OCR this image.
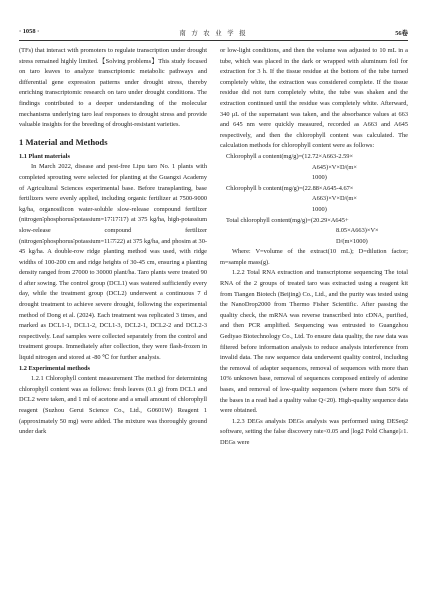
· 1058 ·	南 方 农 业 学 报	56卷

(TFs) that interact with promoters to regulate transcription under drought stress remained highly limited.【Solving problems】This study focused on taro leaves to analyze transcriptomic metabolic pathways and differential gene expression patterns under drought stress, thereby enriching transcriptomic research on taro under drought conditions. The findings contributed to a deeper understanding of the molecular mechanisms underlying taro leaf responses to drought stress and provide valuable insights for the breeding of drought-resistant varieties.

1 Material and Methods

1.1 Plant materials

In March 2022, disease and pest-free Lipu taro No. 1 plants with completed sprouting were selected for planting at the Guangxi Academy of Agricultural Sciences experimental base. Before transplanting, base fertilizers were evenly applied, including organic fertilizer at 7500-9000 kg/ha, organosilicon water-soluble slow-release compound fertilizer (nitrogen∶phosphorus∶potassium=17∶17∶17) at 375 kg/ha, high-potassium slow-release compound fertilizer (nitrogen∶phosphorus∶potassium=11∶7∶22) at 375 kg/ha, and phosim at 30-45 kg/ha. A double-row ridge planting method was used, with ridge widths of 100-200 cm and ridge heights of 30-45 cm, ensuring a planting density ranged from 27000 to 30000 plant/ha. Taro plants were treated 90 d after sowing. The control group (DCL1) was watered sufficiently every day, while the treatment group (DCL2) underwent a continuous 7 d drought treatment to achieve severe drought, following the experimental method of Dong et al. (2024). Each treatment was replicated 3 times, and marked as DCL1-1, DCL1-2, DCL1-3, DCL2-1, DCL2-2 and DCL2-3 respectively. Leaf samples were collected separately from the control and treatment groups. Immediately after collection, they were flash-frozen in liquid nitrogen and stored at -80 ℃ for further analysis.

1.2 Experimental methods

1.2.1 Chlorophyll content measurement The method for determining chlorophyll content was as follows: fresh leaves (0.1 g) from DCL1 and DCL2 were taken, and 1 ml of acetone and a small amount of chlorophyll reagent (Suzhou Gerui Science Co., Ltd., G0601W) Reagent 1 (approximately 50 mg) were added. The mixture was thoroughly ground under dark

or low-light conditions, and then the volume was adjusted to 10 mL in a tube, which was placed in the dark or wrapped with aluminum foil for extraction for 3 h. If the tissue residue at the bottom of the tube turned completely white, the extraction was considered complete. If the tissue residue did not turn completely white, the tube was shaken and the extraction continued until the residue was completely white. Afterward, 340 μL of the supernatant was taken, and the absorbance values at 663 and 645 nm were quickly measured, recorded as A663 and A645 respectively, and then the chlorophyll content was calculated. The calculation methods for chlorophyll content were as follows:

Chlorophyll a content(mg/g)=(12.72×A663-2.59×
A645)×V×D/(m×
1000)

Chlorophyll b content(mg/g)=(22.88×A645-4.67×
A663)×V×D/(m×
1000)

Total chlorophyll content(mg/g)=(20.29×A645+
8.05×A663)×V×
D/(m×1000)

Where: V=volume of the extract(10 mL); D=dilution factor; m=sample mass(g).

1.2.2 Total RNA extraction and transcriptome sequencing The total RNA of the 2 groups of treated taro was extracted using a reagent kit from Tiangen Biotech (Beijing) Co., Ltd., and the purity was tested using the NanoDrop2000 from Thermo Fisher Scientific. After passing the quality check, the mRNA was reverse transcribed into cDNA, purified, and then PCR amplified. Sequencing was entrusted to Guangzhou Gediyao Biotechnology Co., Ltd. To ensure data quality, the raw data was filtered before information analysis to reduce analysis interference from invalid data. The raw sequence data underwent quality control, including the removal of adapter sequences, removal of sequences with more than 10% unknown base, removal of sequences composed entirely of adenine bases, and removal of low-quality sequences (where more than 50% of the bases in a read had a quality value Q<20). High-quality sequence data were obtained.

1.2.3 DEGs analysis DEGs analysis was performed using DESeq2 software, setting the false discovery rate<0.05 and |log2 Fold Change|≥1. DEGs were
